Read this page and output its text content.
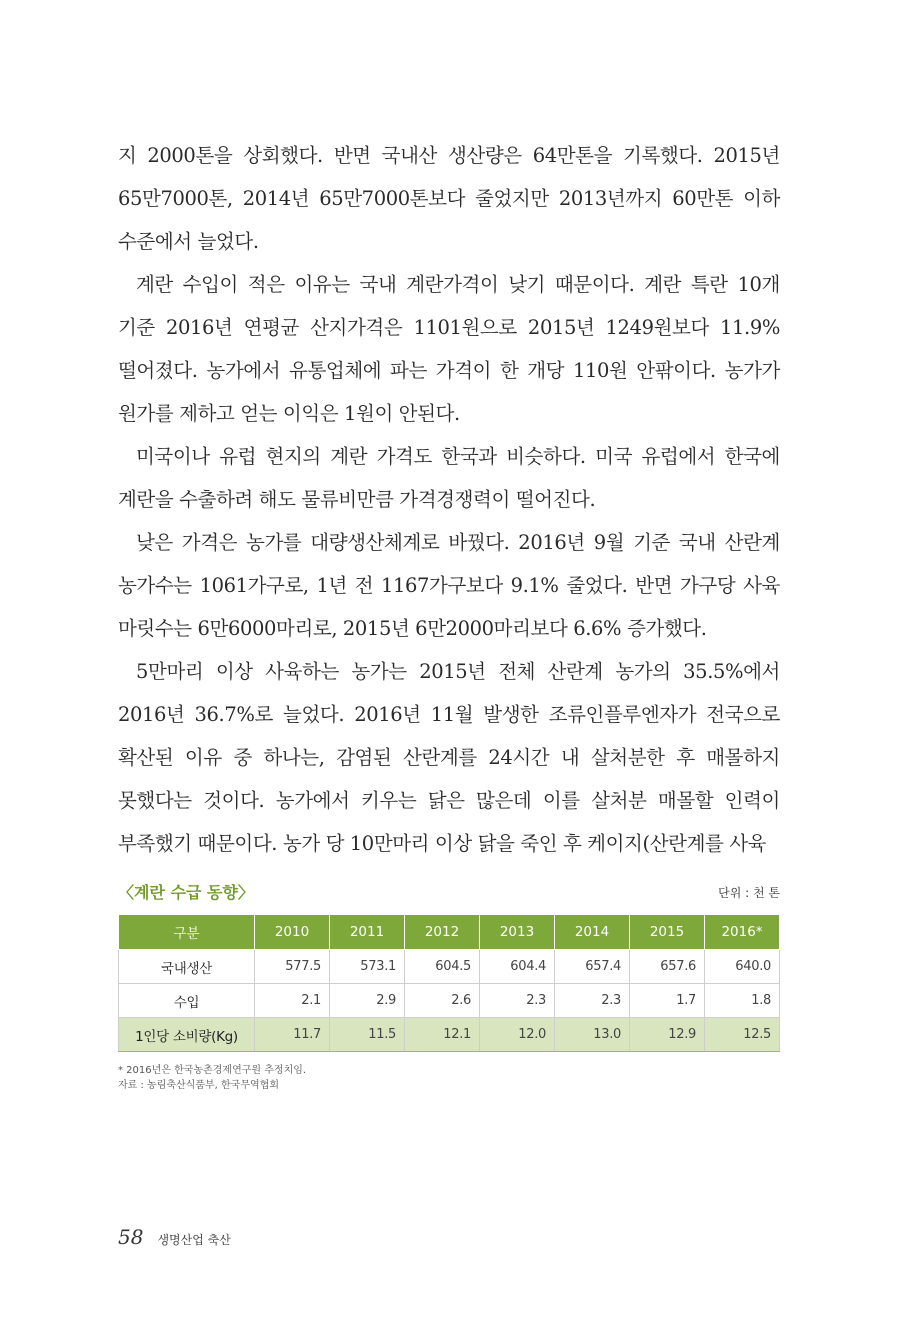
지 2000톤을 상회했다. 반면 국내산 생산량은 64만톤을 기록했다. 2015년 65만7000톤, 2014년 65만7000톤보다 줄었지만 2013년까지 60만톤 이하 수준에서 늘었다.

계란 수입이 적은 이유는 국내 계란가격이 낮기 때문이다. 계란 특란 10개 기준 2016년 연평균 산지가격은 1101원으로 2015년 1249원보다 11.9% 떨어졌다. 농가에서 유통업체에 파는 가격이 한 개당 110원 안팎이다. 농가가 원가를 제하고 얻는 이익은 1원이 안된다.

미국이나 유럽 현지의 계란 가격도 한국과 비슷하다. 미국 유럽에서 한국에 계란을 수출하려 해도 물류비만큼 가격경쟁력이 떨어진다.

낮은 가격은 농가를 대량생산체계로 바꿨다. 2016년 9월 기준 국내 산란계 농가수는 1061가구로, 1년 전 1167가구보다 9.1% 줄었다. 반면 가구당 사육 마릿수는 6만6000마리로, 2015년 6만2000마리보다 6.6% 증가했다.

5만마리 이상 사육하는 농가는 2015년 전체 산란계 농가의 35.5%에서 2016년 36.7%로 늘었다. 2016년 11월 발생한 조류인플루엔자가 전국으로 확산된 이유 중 하나는, 감염된 산란계를 24시간 내 살처분한 후 매몰하지 못했다는 것이다. 농가에서 키우는 닭은 많은데 이를 살처분 매몰할 인력이 부족했기 때문이다. 농가 당 10만마리 이상 닭을 죽인 후 케이지(산란계를 사육

〈계란 수급 동향〉	단위 : 천 톤
구분	2010	2011	2012	2013	2014	2015	2016*
국내생산	577.5	573.1	604.5	604.4	657.4	657.6	640.0
수입	2.1	2.9	2.6	2.3	2.3	1.7	1.8
1인당 소비량(Kg)	11.7	11.5	12.1	12.0	13.0	12.9	12.5
* 2016년은 한국농촌경제연구원 추정치임.
자료 : 농림축산식품부, 한국무역협회
58 생명산업 축산
